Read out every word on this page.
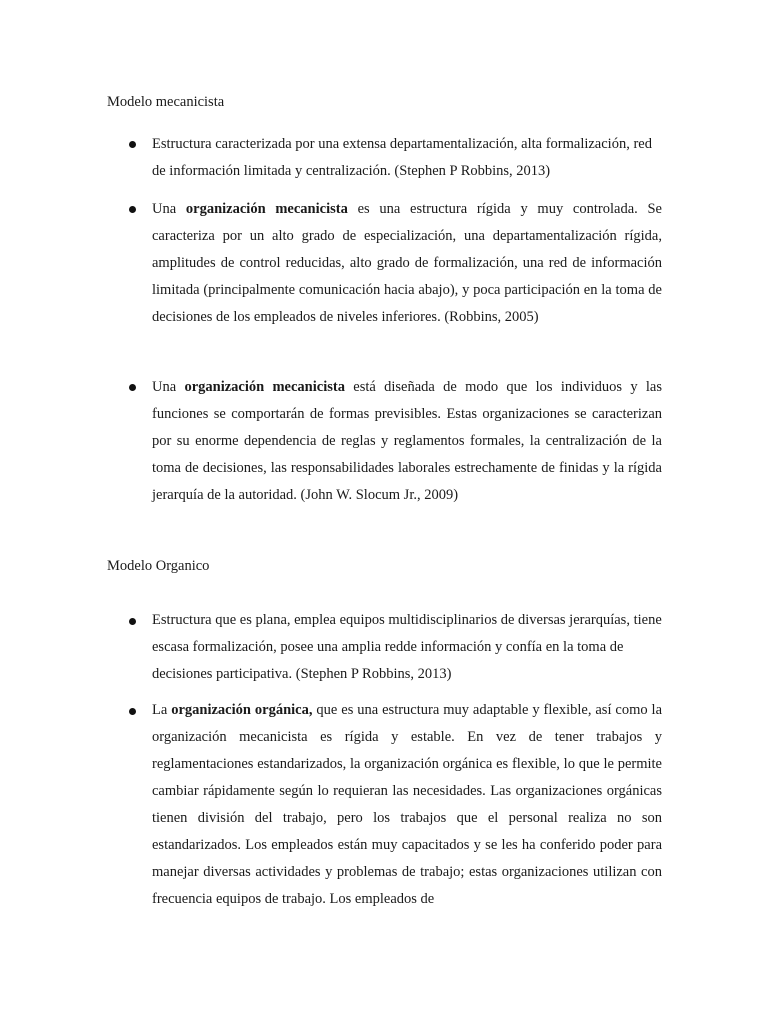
Modelo mecanicista

Estructura caracterizada por una extensa departamentalización, alta formalización, red de información limitada y centralización. (Stephen P Robbins, 2013)

Una organización mecanicista es una estructura rígida y muy controlada. Se caracteriza por un alto grado de especialización, una departamentalización rígida, amplitudes de control reducidas, alto grado de formalización, una red de información limitada (principalmente comunicación hacia abajo), y poca participación en la toma de decisiones de los empleados de niveles inferiores. (Robbins, 2005)

Una organización mecanicista está diseñada de modo que los individuos y las funciones se comportarán de formas previsibles. Estas organizaciones se caracterizan por su enorme dependencia de reglas y reglamentos formales, la centralización de la toma de decisiones, las responsabilidades laborales estrechamente de finidas y la rígida jerarquía de la autoridad. (John W. Slocum Jr., 2009)

Modelo Organico

Estructura que es plana, emplea equipos multidisciplinarios de diversas jerarquías, tiene escasa formalización, posee una amplia redde información y confía en la toma de decisiones participativa. (Stephen P Robbins, 2013)

La organización orgánica, que es una estructura muy adaptable y flexible, así como la organización mecanicista es rígida y estable. En vez de tener trabajos y reglamentaciones estandarizados, la organización orgánica es flexible, lo que le permite cambiar rápidamente según lo requieran las necesidades. Las organizaciones orgánicas tienen división del trabajo, pero los trabajos que el personal realiza no son estandarizados. Los empleados están muy capacitados y se les ha conferido poder para manejar diversas actividades y problemas de trabajo; estas organizaciones utilizan con frecuencia equipos de trabajo. Los empleados de
